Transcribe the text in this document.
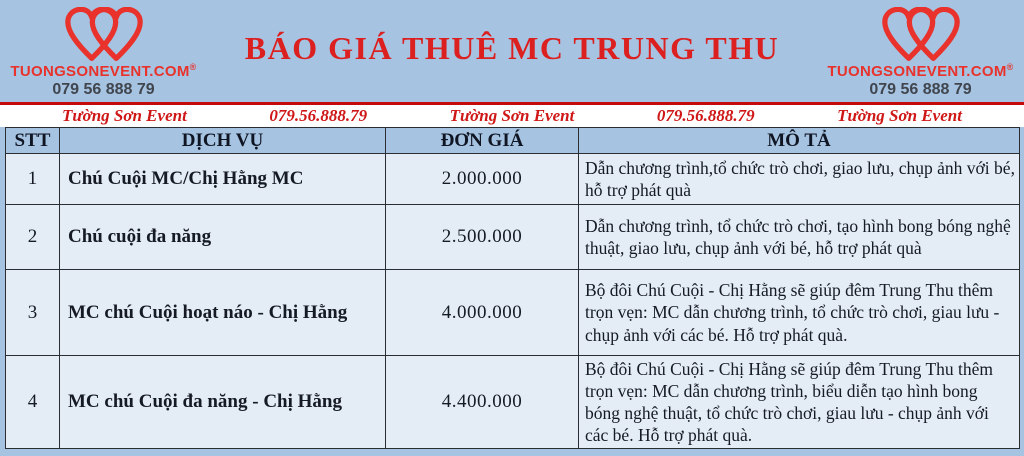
TUONGSONEVENT.COM®
079 56 888 79
BÁO GIÁ THUÊ MC TRUNG THU
TUONGSONEVENT.COM®
079 56 888 79
Tường Sơn Event	079.56.888.79	Tường Sơn Event	079.56.888.79	Tường Sơn Event
STT	DỊCH VỤ	ĐƠN GIÁ	MÔ TẢ
1	Chú Cuội MC/Chị Hằng MC	2.000.000	Dẫn chương trình,tổ chức trò chơi, giao lưu, chụp ảnh với bé, hỗ trợ phát quà
2	Chú cuội đa năng	2.500.000	Dẫn chương trình, tổ chức trò chơi, tạo hình bong bóng nghệ thuật, giao lưu, chụp ảnh với bé, hỗ trợ phát quà
3	MC chú Cuội hoạt náo - Chị Hằng	4.000.000	Bộ đôi Chú Cuội - Chị Hằng sẽ giúp đêm Trung Thu thêm trọn vẹn: MC dẫn chương trình, tổ chức trò chơi, giau lưu - chụp ảnh với các bé. Hỗ trợ phát quà.
4	MC chú Cuội đa năng - Chị Hằng	4.400.000	Bộ đôi Chú Cuội - Chị Hằng sẽ giúp đêm Trung Thu thêm trọn vẹn: MC dẫn chương trình, biểu diễn tạo hình bong bóng nghệ thuật, tổ chức trò chơi, giau lưu - chụp ảnh với các bé. Hỗ trợ phát quà.
